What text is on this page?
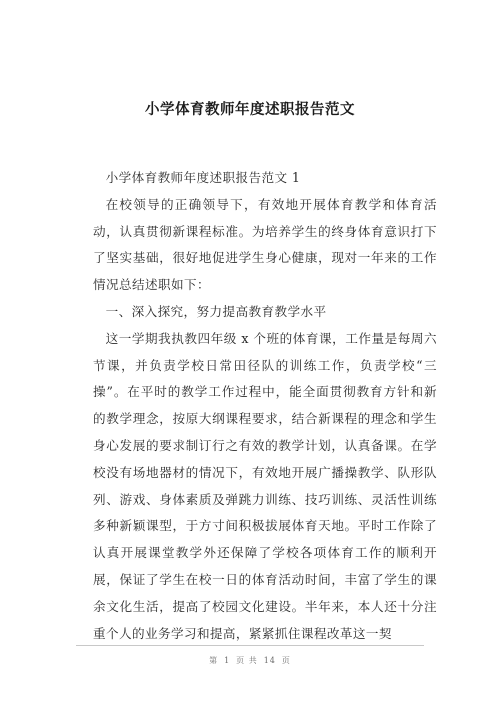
小学体育教师年度述职报告范文

小学体育教师年度述职报告范文 1

在校领导的正确领导下，有效地开展体育教学和体育活动，认真贯彻新课程标准。为培养学生的终身体育意识打下了坚实基础，很好地促进学生身心健康，现对一年来的工作情况总结述职如下：

一、深入探究，努力提高教育教学水平

这一学期我执教四年级 x 个班的体育课，工作量是每周六节课，并负责学校日常田径队的训练工作，负责学校“三操”。在平时的教学工作过程中，能全面贯彻教育方针和新的教学理念，按原大纲课程要求，结合新课程的理念和学生身心发展的要求制订行之有效的教学计划，认真备课。在学校没有场地器材的情况下，有效地开展广播操教学、队形队列、游戏、身体素质及弹跳力训练、技巧训练、灵活性训练多种新颖课型，于方寸间积极拔展体育天地。平时工作除了认真开展课堂教学外还保障了学校各项体育工作的顺利开展，保证了学生在校一日的体育活动时间，丰富了学生的课余文化生活，提高了校园文化建设。半年来，本人还十分注重个人的业务学习和提高，紧紧抓住课程改革这一契

第 1 页 共 14 页
